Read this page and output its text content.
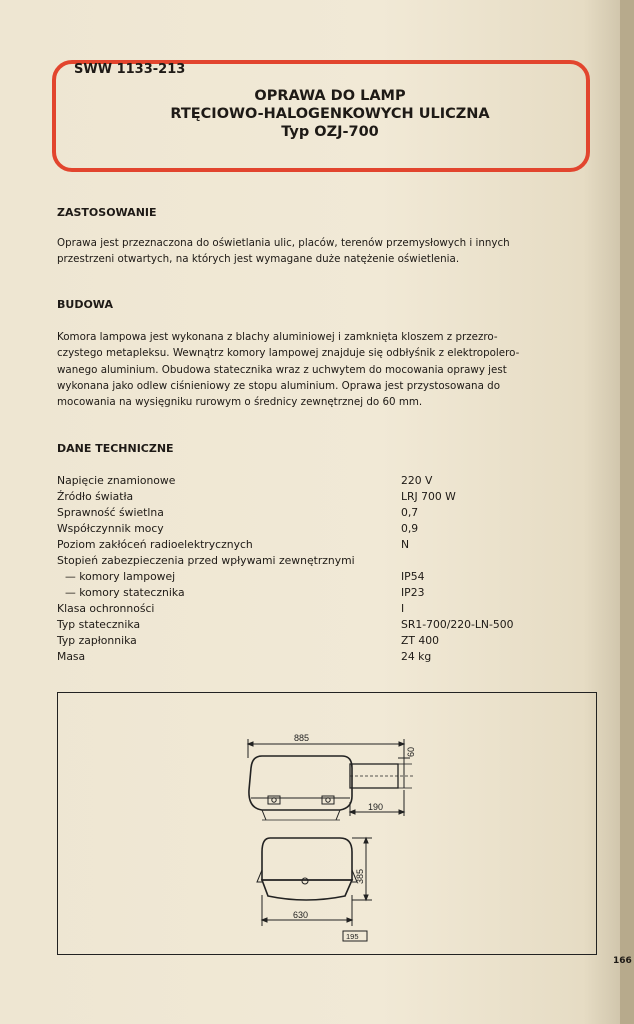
SWW 1133-213
OPRAWA DO LAMP
RTĘCIOWO-HALOGENKOWYCH ULICZNA
Typ OZJ-700
ZASTOSOWANIE
Oprawa jest przeznaczona do oświetlania ulic, placów, terenów przemysłowych i innych
przestrzeni otwartych, na których jest wymagane duże natężenie oświetlenia.
BUDOWA
Komora lampowa jest wykonana z blachy aluminiowej i zamknięta kloszem z przezro-
czystego metapleksu. Wewnątrz komory lampowej znajduje się odbłyśnik z elektropolero-
wanego aluminium. Obudowa statecznika wraz z uchwytem do mocowania oprawy jest
wykonana jako odlew ciśnieniowy ze stopu aluminium. Oprawa jest przystosowana do
mocowania na wysięgniku rurowym o średnicy zewnętrznej do 60 mm.
DANE TECHNICZNE
Napięcie znamionowe	220 V
Źródło światła	LRJ 700 W
Sprawność świetlna	0,7
Współczynnik mocy	0,9
Poziom zakłóceń radioelektrycznych	N
Stopień zabezpieczenia przed wpływami zewnętrznymi
— komory lampowej	IP54
— komory statecznika	IP23
Klasa ochronności	I
Typ statecznika	SR1-700/220-LN-500
Typ zapłonnika	ZT 400
Masa	24 kg
885
60
190
385
630
195
166
